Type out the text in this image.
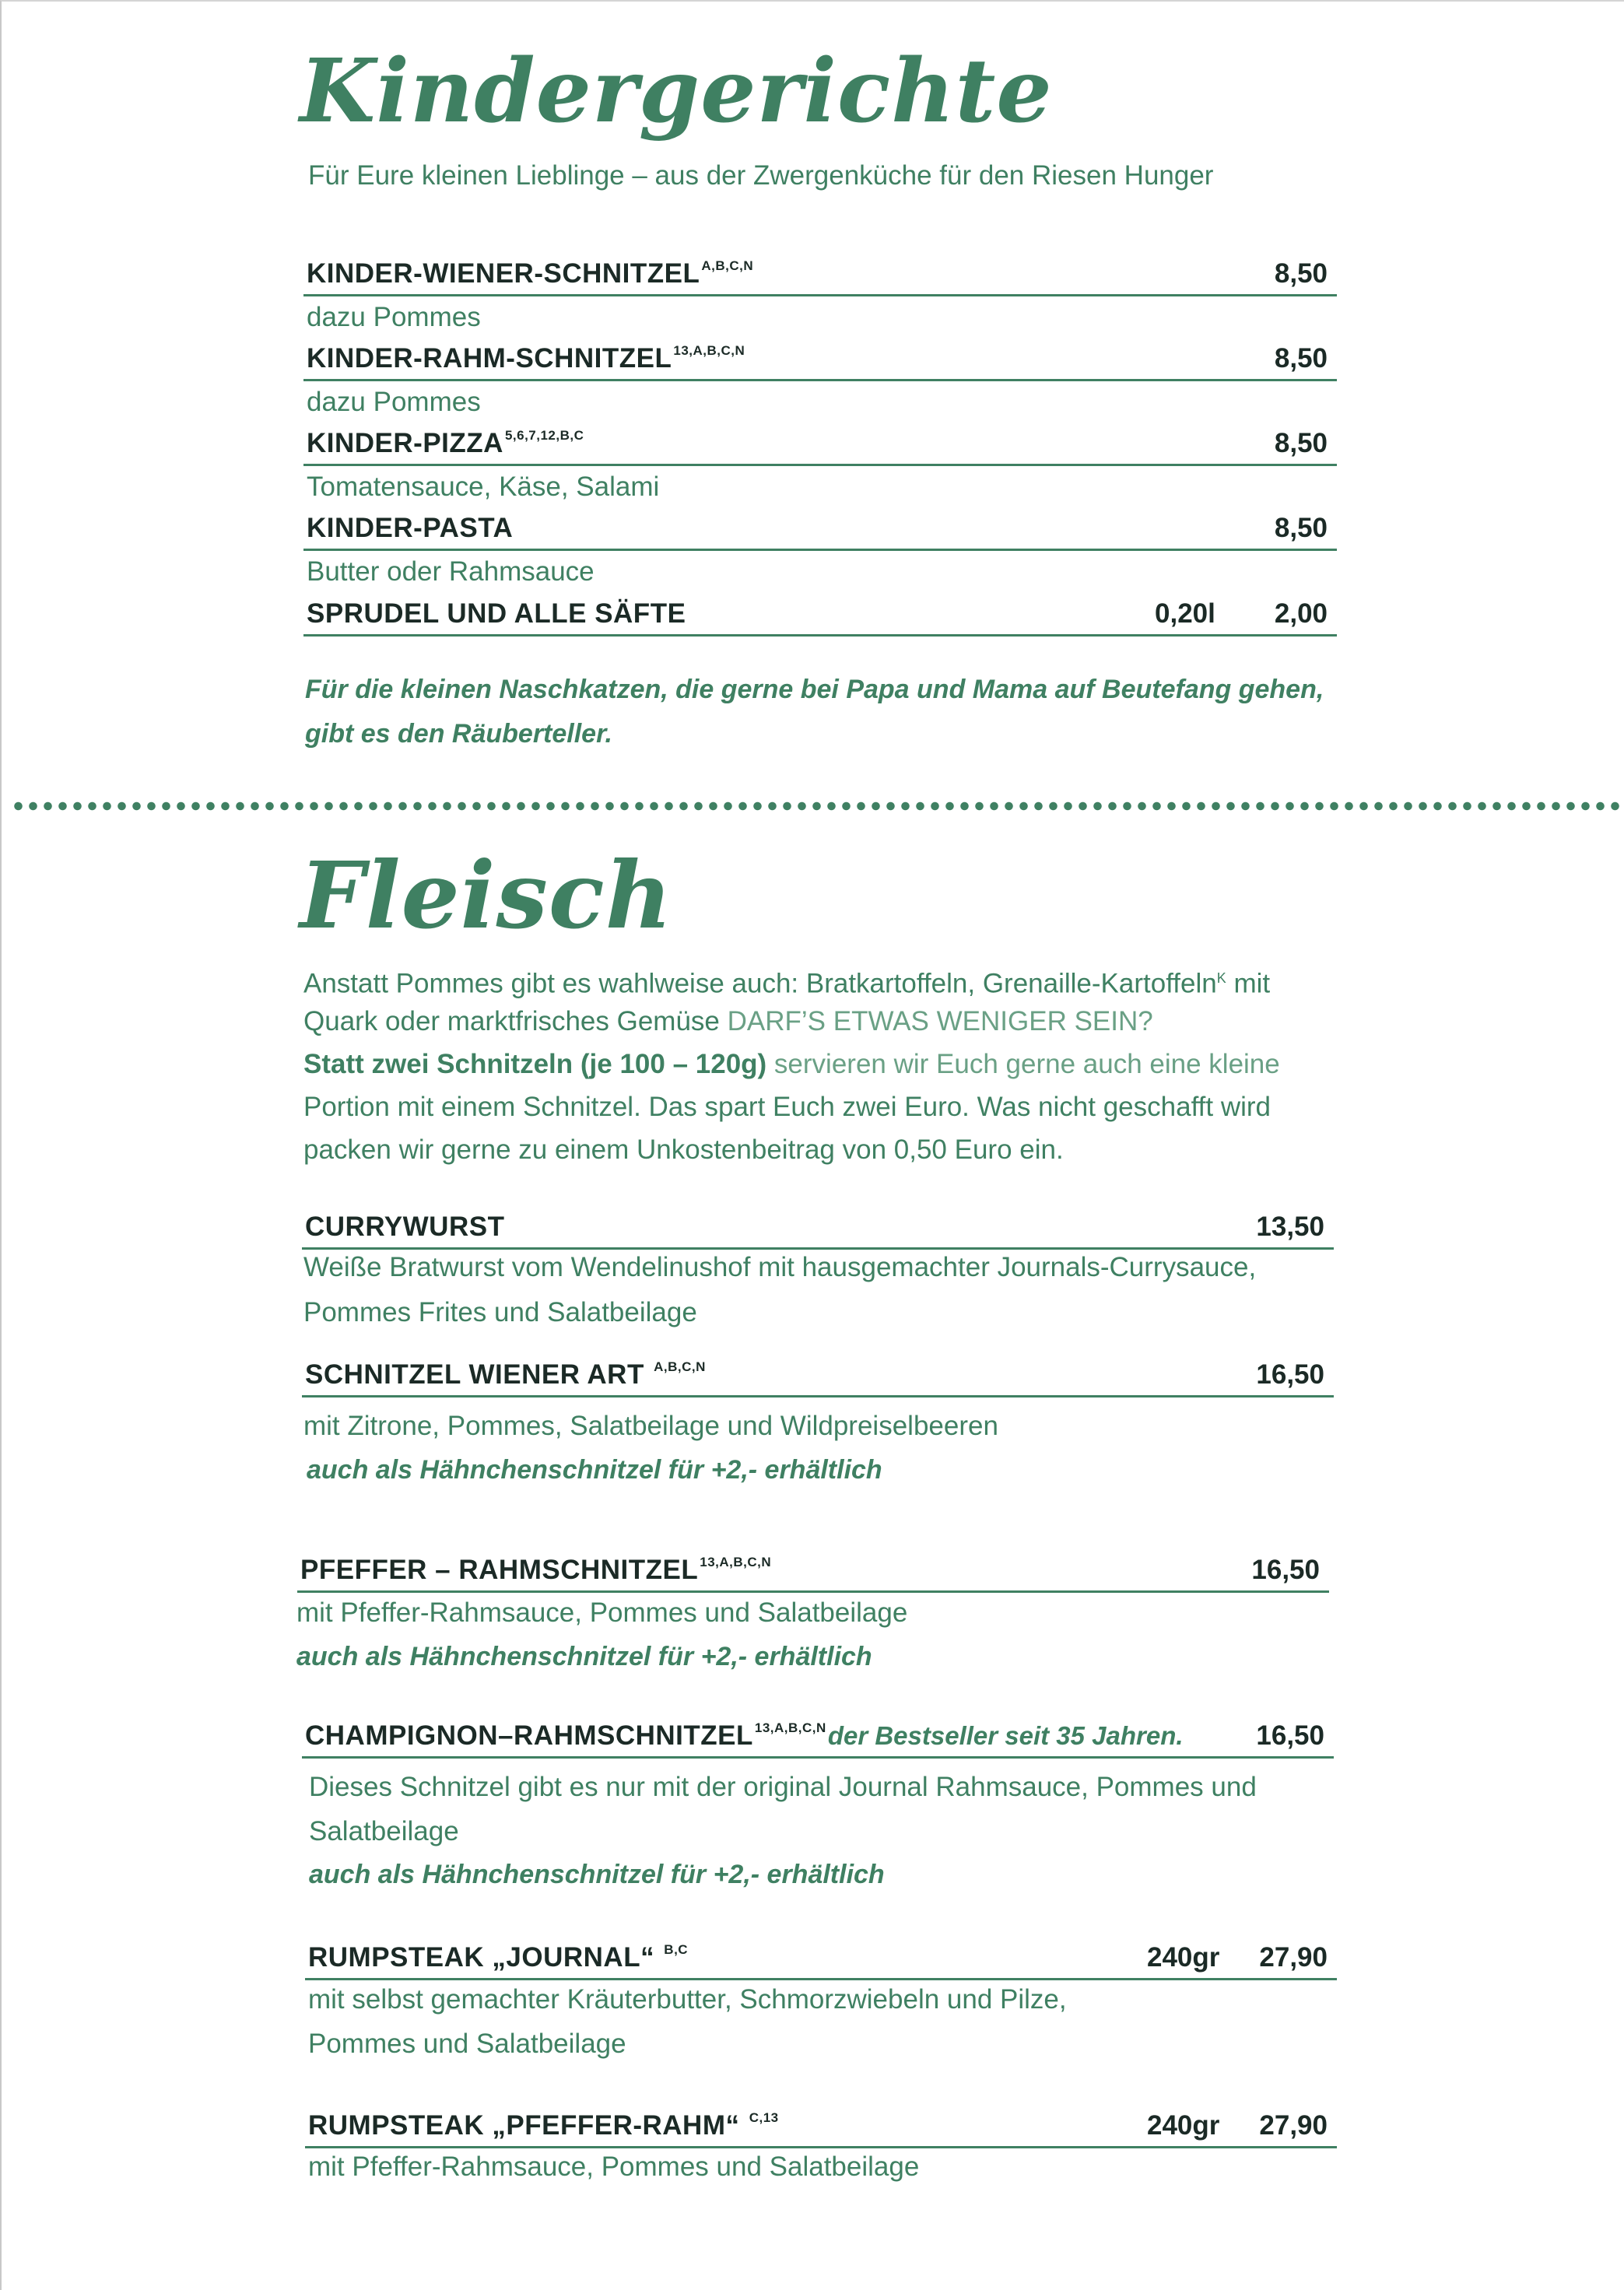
Kindergerichte

Für Eure kleinen Lieblinge – aus der Zwergenküche für den Riesen Hunger

KINDER-WIENER-SCHNITZEL $^{A,B,C,N}$	8,50

dazu Pommes

KINDER-RAHM-SCHNITZEL $^{13,A,B,C,N}$	8,50

dazu Pommes

KINDER-PIZZA $^{5,6,7,12,B,C}$	8,50

Tomatensauce, Käse, Salami

KINDER-PASTA	8,50

Butter oder Rahmsauce

SPRUDEL UND ALLE SÄFTE	0,20l 2,00

Für die kleinen Naschkatzen, die gerne bei Papa und Mama auf Beutefang gehen,

gibt es den Räuberteller.

Fleisch

Anstatt Pommes gibt es wahlweise auch: Bratkartoffeln, Grenaille-Kartoffeln$^K$ mit

Quark oder marktfrisches Gemüse DARF’S ETWAS WENIGER SEIN?

Statt zwei Schnitzeln (je 100 – 120g) servieren wir Euch gerne auch eine kleine

Portion mit einem Schnitzel. Das spart Euch zwei Euro. Was nicht geschafft wird

packen wir gerne zu einem Unkostenbeitrag von 0,50 Euro ein.

CURRYWURST	13,50

Weiße Bratwurst vom Wendelinushof mit hausgemachter Journals-Currysauce,

Pommes Frites und Salatbeilage

SCHNITZEL WIENER ART $^{A,B,C,N}$	16,50

mit Zitrone, Pommes, Salatbeilage und Wildpreiselbeeren

auch als Hähnchenschnitzel für +2,- erhältlich

PFEFFER – RAHMSCHNITZEL $^{13,A,B,C,N}$	16,50

mit Pfeffer-Rahmsauce, Pommes und Salatbeilage

auch als Hähnchenschnitzel für +2,- erhältlich

CHAMPIGNON–RAHMSCHNITZEL $^{13,A,B,C,N}$der Bestseller seit 35 Jahren.	16,50

Dieses Schnitzel gibt es nur mit der original Journal Rahmsauce, Pommes und

Salatbeilage

auch als Hähnchenschnitzel für +2,- erhältlich

RUMPSTEAK „JOURNAL“ $^{B,C}$	240gr 27,90

mit selbst gemachter Kräuterbutter, Schmorzwiebeln und Pilze,

Pommes und Salatbeilage

RUMPSTEAK „PFEFFER-RAHM“ $^{C,13}$	240gr 27,90

mit Pfeffer-Rahmsauce, Pommes und Salatbeilage
